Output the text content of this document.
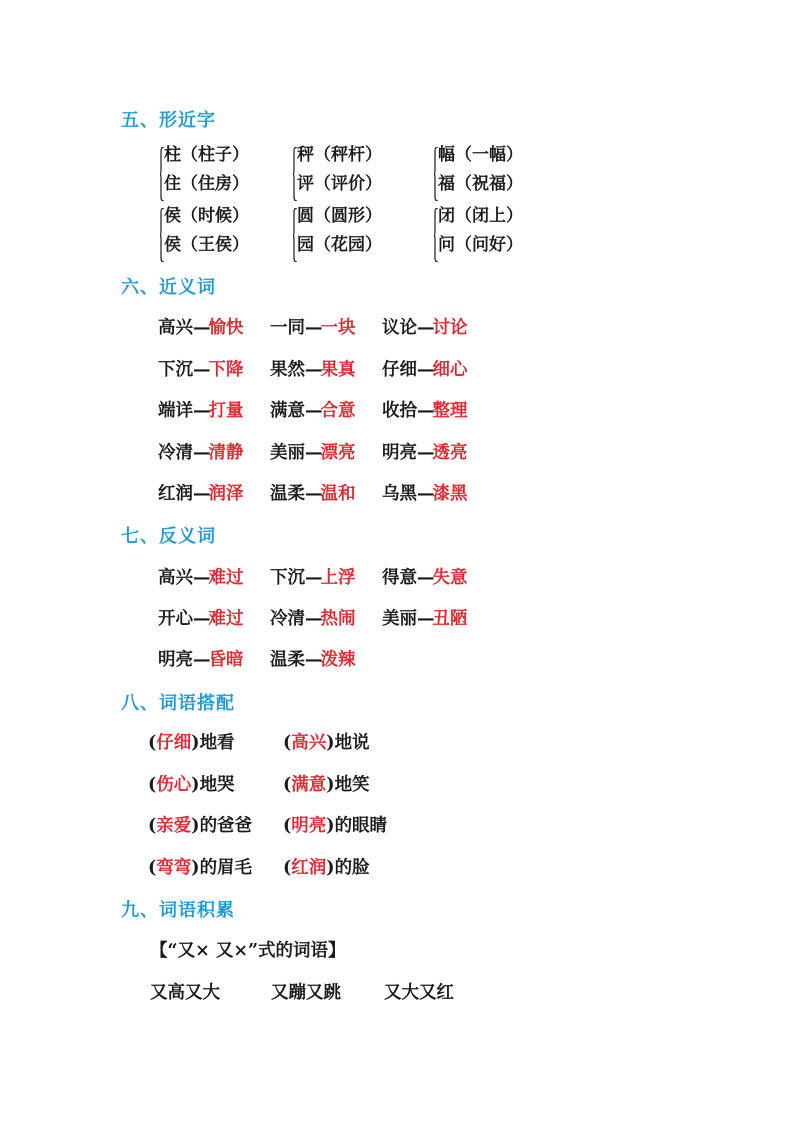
五、形近字
柱（柱子）
住（住房）
秤（秤杆）
评（评价）
幅（一幅）
福（祝福）
侯（时候）
侯（王侯）
圆（圆形）
园（花园）
闭（闭上）
问（问好）
六、近义词
高兴—愉快 一同—一块 议论—讨论
下沉—下降 果然—果真 仔细—细心
端详—打量 满意—合意 收拾—整理
冷清—清静 美丽—漂亮 明亮—透亮
红润—润泽 温柔—温和 乌黑—漆黑
七、反义词
高兴—难过 下沉—上浮 得意—失意
开心—难过 冷清—热闹 美丽—丑陋
明亮—昏暗 温柔—泼辣
八、词语搭配
(仔细)地看	(高兴)地说
(伤心)地哭	(满意)地笑
(亲爱)的爸爸 (明亮)的眼睛
(弯弯)的眉毛 (红润)的脸
九、词语积累
【“又× 又×”式的词语】
又高又大	又蹦又跳 又大又红
